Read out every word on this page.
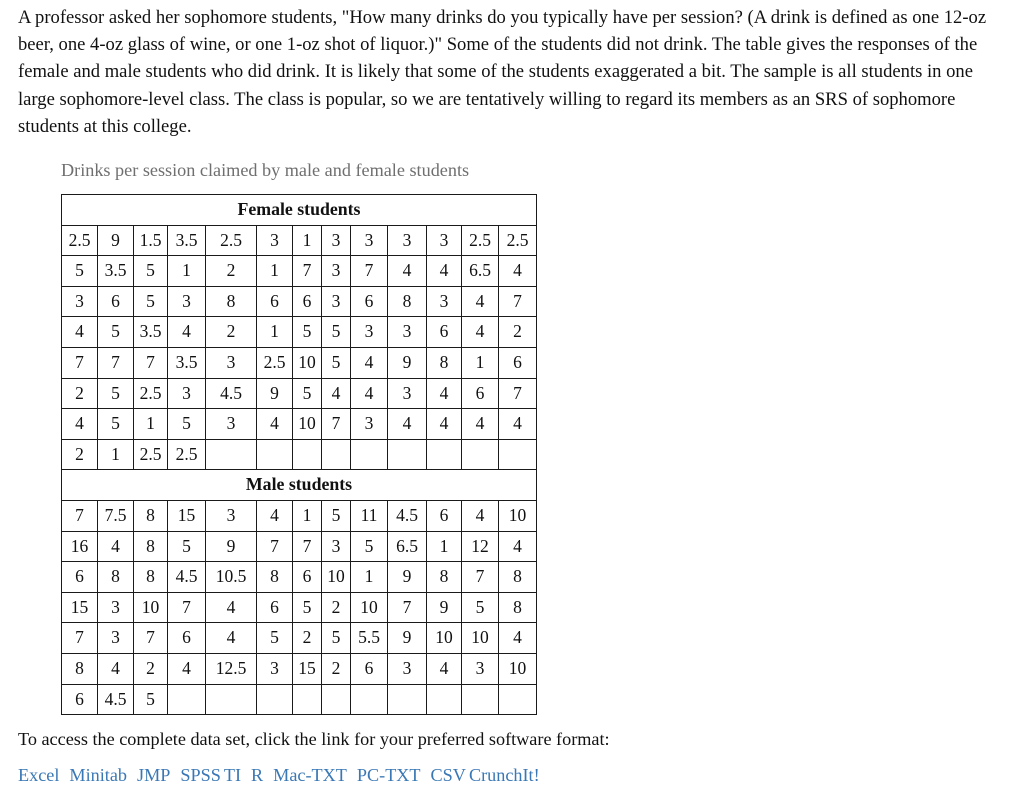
A professor asked her sophomore students, "How many drinks do you typically have per session? (A drink is defined as one 12-oz beer, one 4-oz glass of wine, or one 1-oz shot of liquor.)" Some of the students did not drink. The table gives the responses of the female and male students who did drink. It is likely that some of the students exaggerated a bit. The sample is all students in one large sophomore-level class. The class is popular, so we are tentatively willing to regard its members as an SRS of sophomore students at this college.

Drinks per session claimed by male and female students

Female students												
2.5	9	1.5	3.5	2.5	3	1	3	3	3	3	2.5	2.5
5	3.5	5	1	2	1	7	3	7	4	4	6.5	4
3	6	5	3	8	6	6	3	6	8	3	4	7
4	5	3.5	4	2	1	5	5	3	3	6	4	2
7	7	7	3.5	3	2.5	10	5	4	9	8	1	6
2	5	2.5	3	4.5	9	5	4	4	3	4	6	7
4	5	1	5	3	4	10	7	3	4	4	4	4
2	1	2.5	2.5									
Male students												
7	7.5	8	15	3	4	1	5	11	4.5	6	4	10
16	4	8	5	9	7	7	3	5	6.5	1	12	4
6	8	8	4.5	10.5	8	6	10	1	9	8	7	8
15	3	10	7	4	6	5	2	10	7	9	5	8
7	3	7	6	4	5	2	5	5.5	9	10	10	4
8	4	2	4	12.5	3	15	2	6	3	4	3	10
6	4.5	5										

To access the complete data set, click the link for your preferred software format:

Excel Minitab JMP SPSS TI R Mac-TXT PC-TXT CSV CrunchIt!
